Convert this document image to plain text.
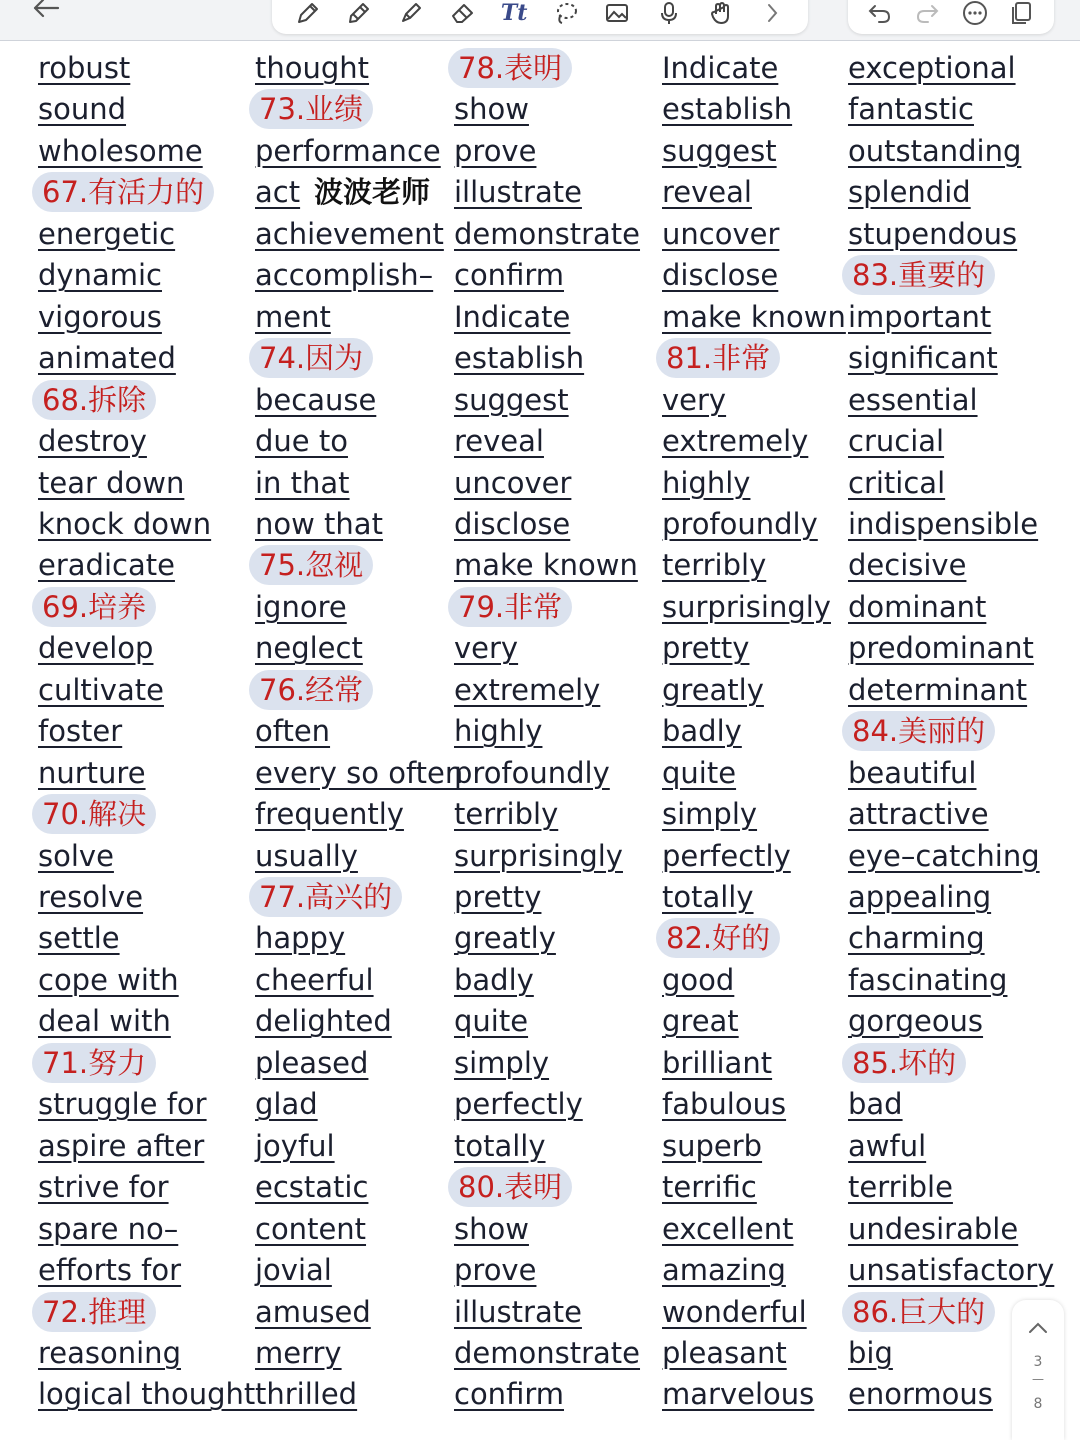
Tt
robust
sound
wholesome
67.有活力的
energetic
dynamic
vigorous
animated
68.拆除
destroy
tear down
knock down
eradicate
69.培养
develop
cultivate
foster
nurture
70.解决
solve
resolve
settle
cope with
deal with
71.努力
struggle for
aspire after
strive for
spare no–
efforts for
72.推理
reasoning
logical thought
thought
73.业绩
performance
act 波波老师
achievement
accomplish–
ment
74.因为
because
due to
in that
now that
75.忽视
ignore
neglect
76.经常
often
every so often
frequently
usually
77.高兴的
happy
cheerful
delighted
pleased
glad
joyful
ecstatic
content
jovial
amused
merry
thrilled
78.表明
show
prove
illustrate
demonstrate
confirm
Indicate
establish
suggest
reveal
uncover
disclose
make known
79.非常
very
extremely
highly
profoundly
terribly
surprisingly
pretty
greatly
badly
quite
simply
perfectly
totally
80.表明
show
prove
illustrate
demonstrate
confirm
Indicate
establish
suggest
reveal
uncover
disclose
make known
81.非常
very
extremely
highly
profoundly
terribly
surprisingly
pretty
greatly
badly
quite
simply
perfectly
totally
82.好的
good
great
brilliant
fabulous
superb
terrific
excellent
amazing
wonderful
pleasant
marvelous
exceptional
fantastic
outstanding
splendid
stupendous
83.重要的
important
significant
essential
crucial
critical
indispensible
decisive
dominant
predominant
determinant
84.美丽的
beautiful
attractive
eye–catching
appealing
charming
fascinating
gorgeous
85.坏的
bad
awful
terrible
undesirable
unsatisfactory
86.巨大的
big
enormous
3
—
8
